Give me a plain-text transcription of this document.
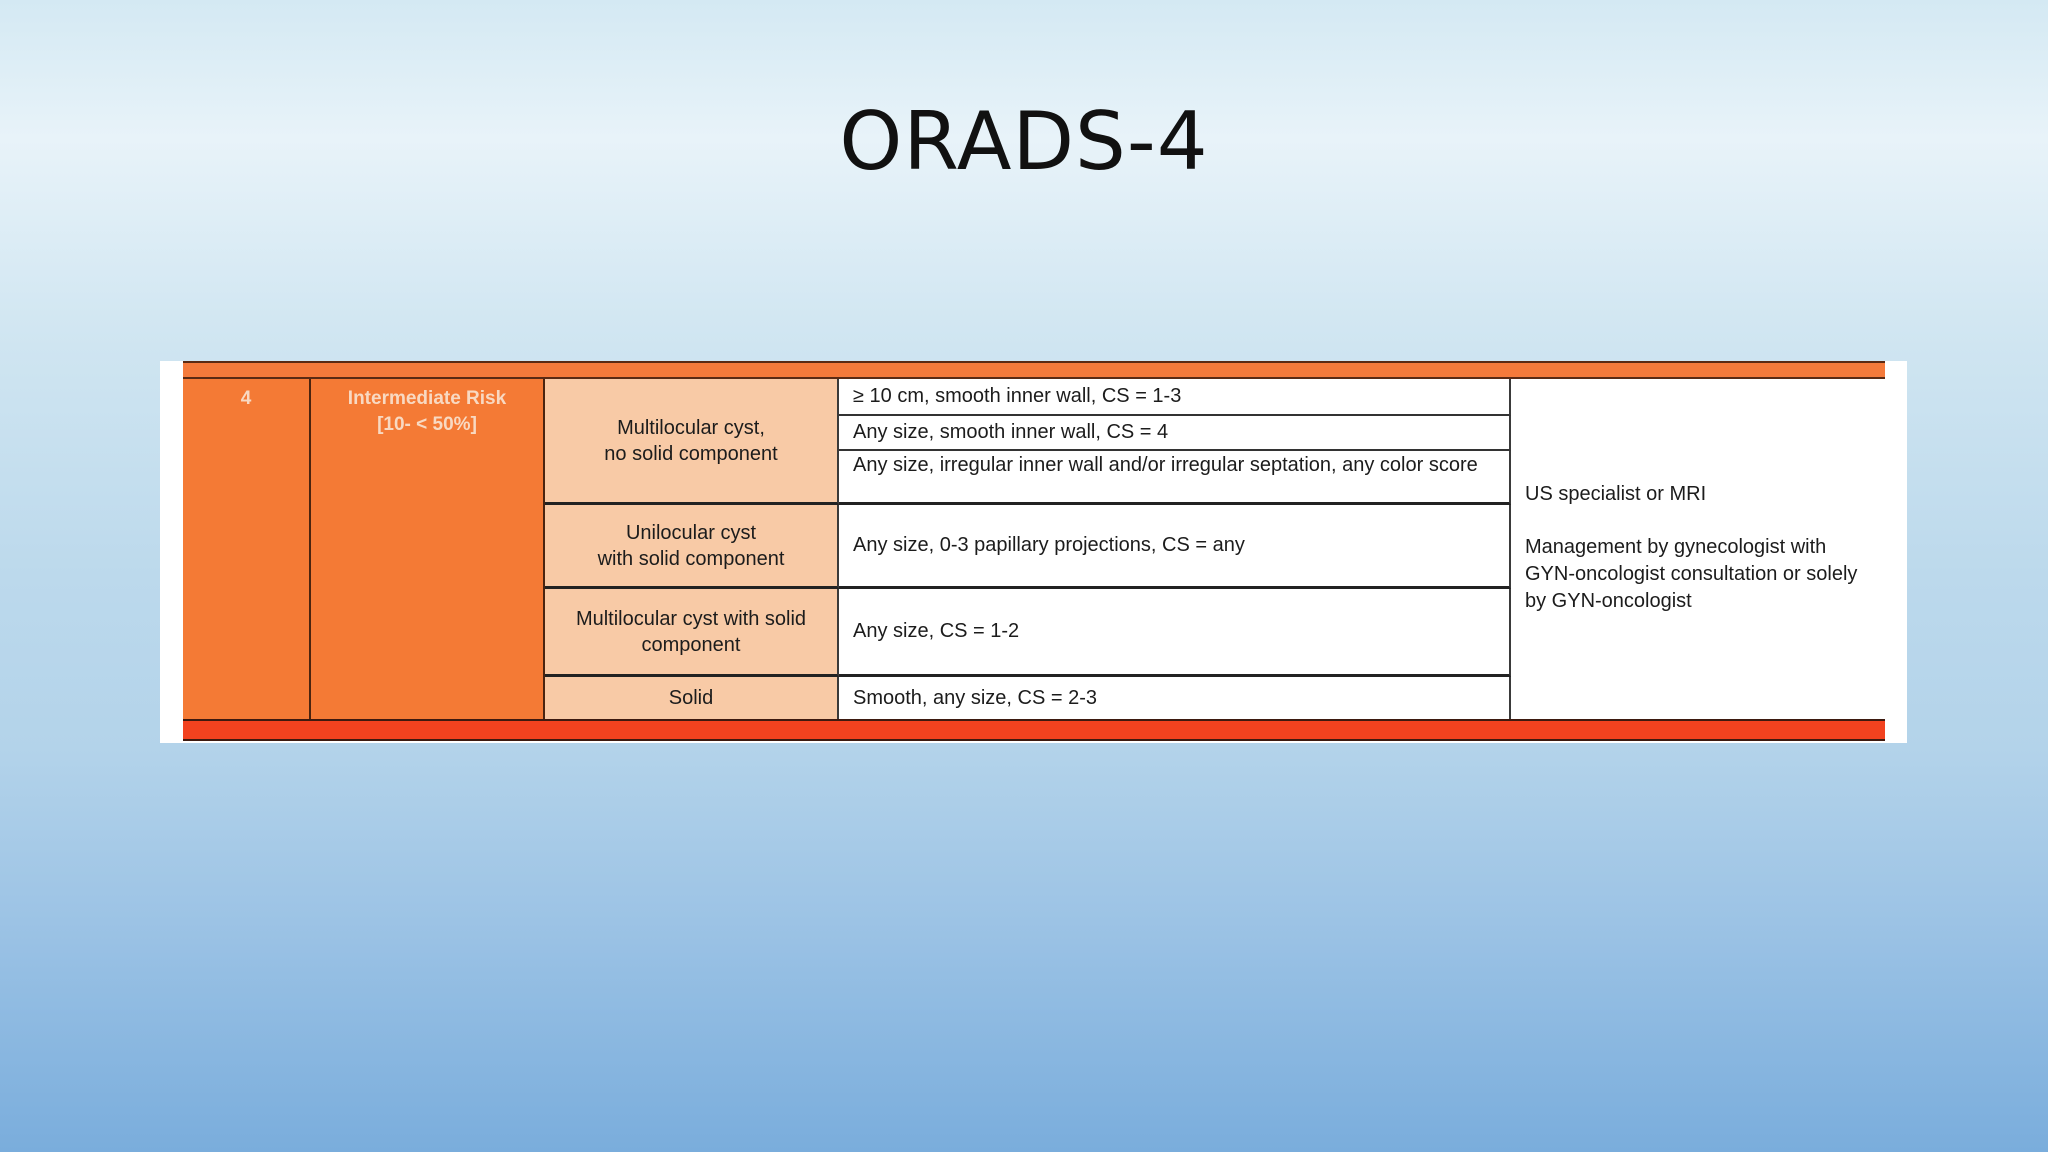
ORADS-4
4	Intermediate Risk
[10- < 50%]	Multilocular cyst,
no solid component
Unilocular cyst
with solid component
Multilocular cyst with solid
component
Solid
≥ 10 cm, smooth inner wall, CS = 1-3
Any size, smooth inner wall, CS = 4
Any size, irregular inner wall and/or irregular septation, any color score
Any size, 0-3 papillary projections, CS = any
Any size, CS = 1-2
Smooth, any size, CS = 2-3
US specialist or MRI
Management by gynecologist with GYN-oncologist consultation or solely by GYN-oncologist
